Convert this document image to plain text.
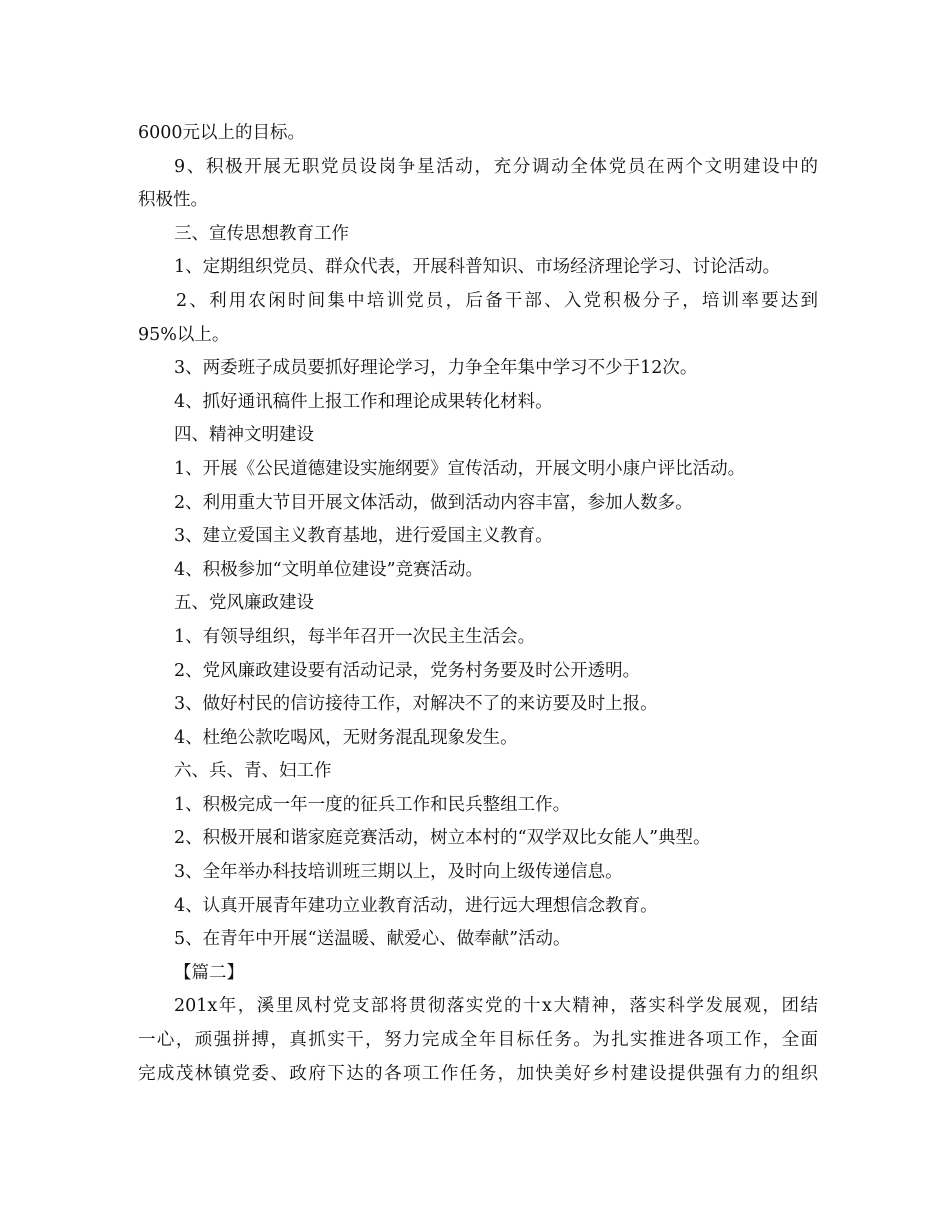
6000元以上的目标。
9、积极开展无职党员设岗争星活动，充分调动全体党员在两个文明建设中的
积极性。
三、宣传思想教育工作
1、定期组织党员、群众代表，开展科普知识、市场经济理论学习、讨论活动。
2、利用农闲时间集中培训党员，后备干部、入党积极分子，培训率要达到
95%以上。
3、两委班子成员要抓好理论学习，力争全年集中学习不少于12次。
4、抓好通讯稿件上报工作和理论成果转化材料。
四、精神文明建设
1、开展《公民道德建设实施纲要》宣传活动，开展文明小康户评比活动。
2、利用重大节目开展文体活动，做到活动内容丰富，参加人数多。
3、建立爱国主义教育基地，进行爱国主义教育。
4、积极参加“文明单位建设”竞赛活动。
五、党风廉政建设
1、有领导组织，每半年召开一次民主生活会。
2、党风廉政建设要有活动记录，党务村务要及时公开透明。
3、做好村民的信访接待工作，对解决不了的来访要及时上报。
4、杜绝公款吃喝风，无财务混乱现象发生。
六、兵、青、妇工作
1、积极完成一年一度的征兵工作和民兵整组工作。
2、积极开展和谐家庭竞赛活动，树立本村的“双学双比女能人”典型。
3、全年举办科技培训班三期以上，及时向上级传递信息。
4、认真开展青年建功立业教育活动，进行远大理想信念教育。
5、在青年中开展“送温暖、献爱心、做奉献”活动。
【篇二】
201x年，溪里凤村党支部将贯彻落实党的十x大精神，落实科学发展观，团结
一心，顽强拼搏，真抓实干，努力完成全年目标任务。为扎实推进各项工作，全面
完成茂林镇党委、政府下达的各项工作任务，加快美好乡村建设提供强有力的组织
